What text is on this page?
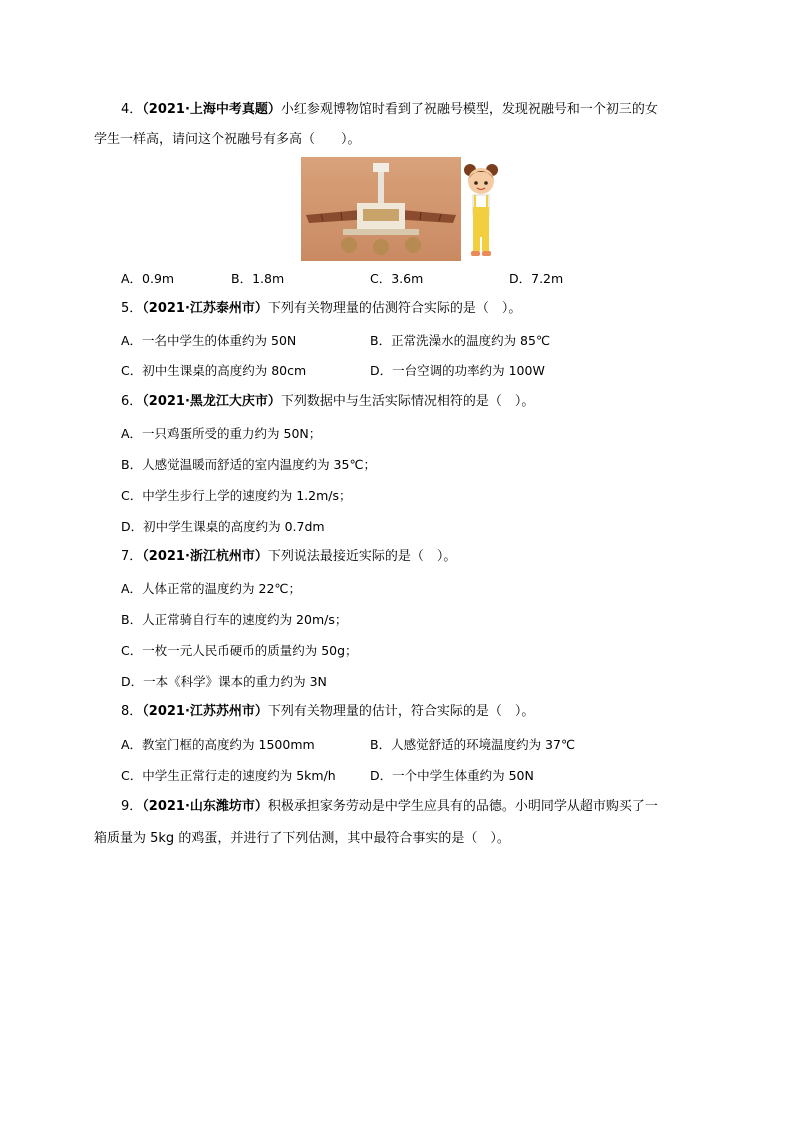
4．（2021·上海中考真题）小红参观博物馆时看到了祝融号模型，发现祝融号和一个初三的女
学生一样高，请问这个祝融号有多高（　　）。
A．0.9m	B．1.8m	C．3.6m	D．7.2m
5．（2021·江苏泰州市）下列有关物理量的估测符合实际的是（　）。
A．一名中学生的体重约为 50N	B．正常洗澡水的温度约为 85℃
C．初中生课桌的高度约为 80cm	D．一台空调的功率约为 100W
6．（2021·黑龙江大庆市）下列数据中与生活实际情况相符的是（　）。
A．一只鸡蛋所受的重力约为 50N；
B．人感觉温暖而舒适的室内温度约为 35℃；
C．中学生步行上学的速度约为 1.2m/s；
D．初中学生课桌的高度约为 0.7dm
7．（2021·浙江杭州市）下列说法最接近实际的是（　）。
A．人体正常的温度约为 22℃；
B．人正常骑自行车的速度约为 20m/s；
C．一枚一元人民币硬币的质量约为 50g；
D．一本《科学》课本的重力约为 3N
8．（2021·江苏苏州市）下列有关物理量的估计，符合实际的是（　）。
A．教室门框的高度约为 1500mm	B．人感觉舒适的环境温度约为 37℃
C．中学生正常行走的速度约为 5km/h	D．一个中学生体重约为 50N
9．（2021·山东潍坊市）积极承担家务劳动是中学生应具有的品德。小明同学从超市购买了一
箱质量为 5kg 的鸡蛋，并进行了下列估测，其中最符合事实的是（　）。
